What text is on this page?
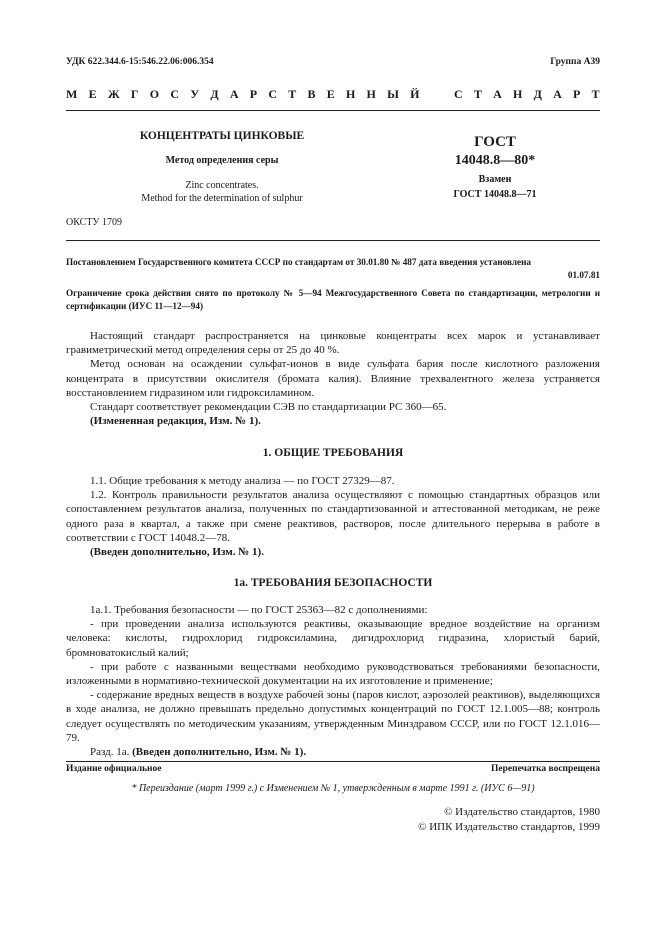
УДК 622.344.6-15:546.22.06:006.354	Группа А39
М Е Ж Г О С У Д А Р С Т В Е Н Н Ы Й	С Т А Н Д А Р Т
КОНЦЕНТРАТЫ ЦИНКОВЫЕ
Метод определения серы
Zinc concentrates.
Method for the determination of sulphur
ГОСТ
14048.8—80*
Взамен
ГОСТ 14048.8—71
ОКСТУ 1709
Постановлением Государственного комитета СССР по стандартам от 30.01.80 № 487 дата введения установлена
01.07.81
Ограничение срока действия снято по протоколу № 5—94 Межгосударственного Совета по стандартизации, метрологии и сертификации (ИУС 11—12—94)
Настоящий стандарт распространяется на цинковые концентраты всех марок и устанавливает гравиметрический метод определения серы от 25 до 40 %.
Метод основан на осаждении сульфат-ионов в виде сульфата бария после кислотного разложения концентрата в присутствии окислителя (бромата калия). Влияние трехвалентного железа устраняется восстановлением гидразином или гидроксиламином.
Стандарт соответствует рекомендации СЭВ по стандартизации РС 360—65.
(Измененная редакция, Изм. № 1).
1. ОБЩИЕ ТРЕБОВАНИЯ
1.1. Общие требования к методу анализа — по ГОСТ 27329—87.
1.2. Контроль правильности результатов анализа осуществляют с помощью стандартных образцов или сопоставлением результатов анализа, полученных по стандартизованной и аттестованной методикам, не реже одного раза в квартал, а также при смене реактивов, растворов, после длительного перерыва в работе в соответствии с ГОСТ 14048.2—78.
(Введен дополнительно, Изм. № 1).
1а. ТРЕБОВАНИЯ БЕЗОПАСНОСТИ
1а.1. Требования безопасности — по ГОСТ 25363—82 с дополнениями:
- при проведении анализа используются реактивы, оказывающие вредное воздействие на организм человека: кислоты, гидрохлорид гидроксиламина, дигидрохлорид гидразина, хлористый барий, бромноватокислый калий;
- при работе с названными веществами необходимо руководствоваться требованиями безопасности, изложенными в нормативно-технической документации на их изготовление и применение;
- содержание вредных веществ в воздухе рабочей зоны (паров кислот, аэрозолей реактивов), выделяющихся в ходе анализа, не должно превышать предельно допустимых концентраций по ГОСТ 12.1.005—88; контроль следует осуществлять по методическим указаниям, утвержденным Минздравом СССР, или по ГОСТ 12.1.016—79.
Разд. 1а. (Введен дополнительно, Изм. № 1).
Издание официальное	Перепечатка воспрещена
* Переиздание (март 1999 г.) с Изменением № 1, утвержденным в марте 1991 г. (ИУС 6—91)
© Издательство стандартов, 1980
© ИПК Издательство стандартов, 1999
